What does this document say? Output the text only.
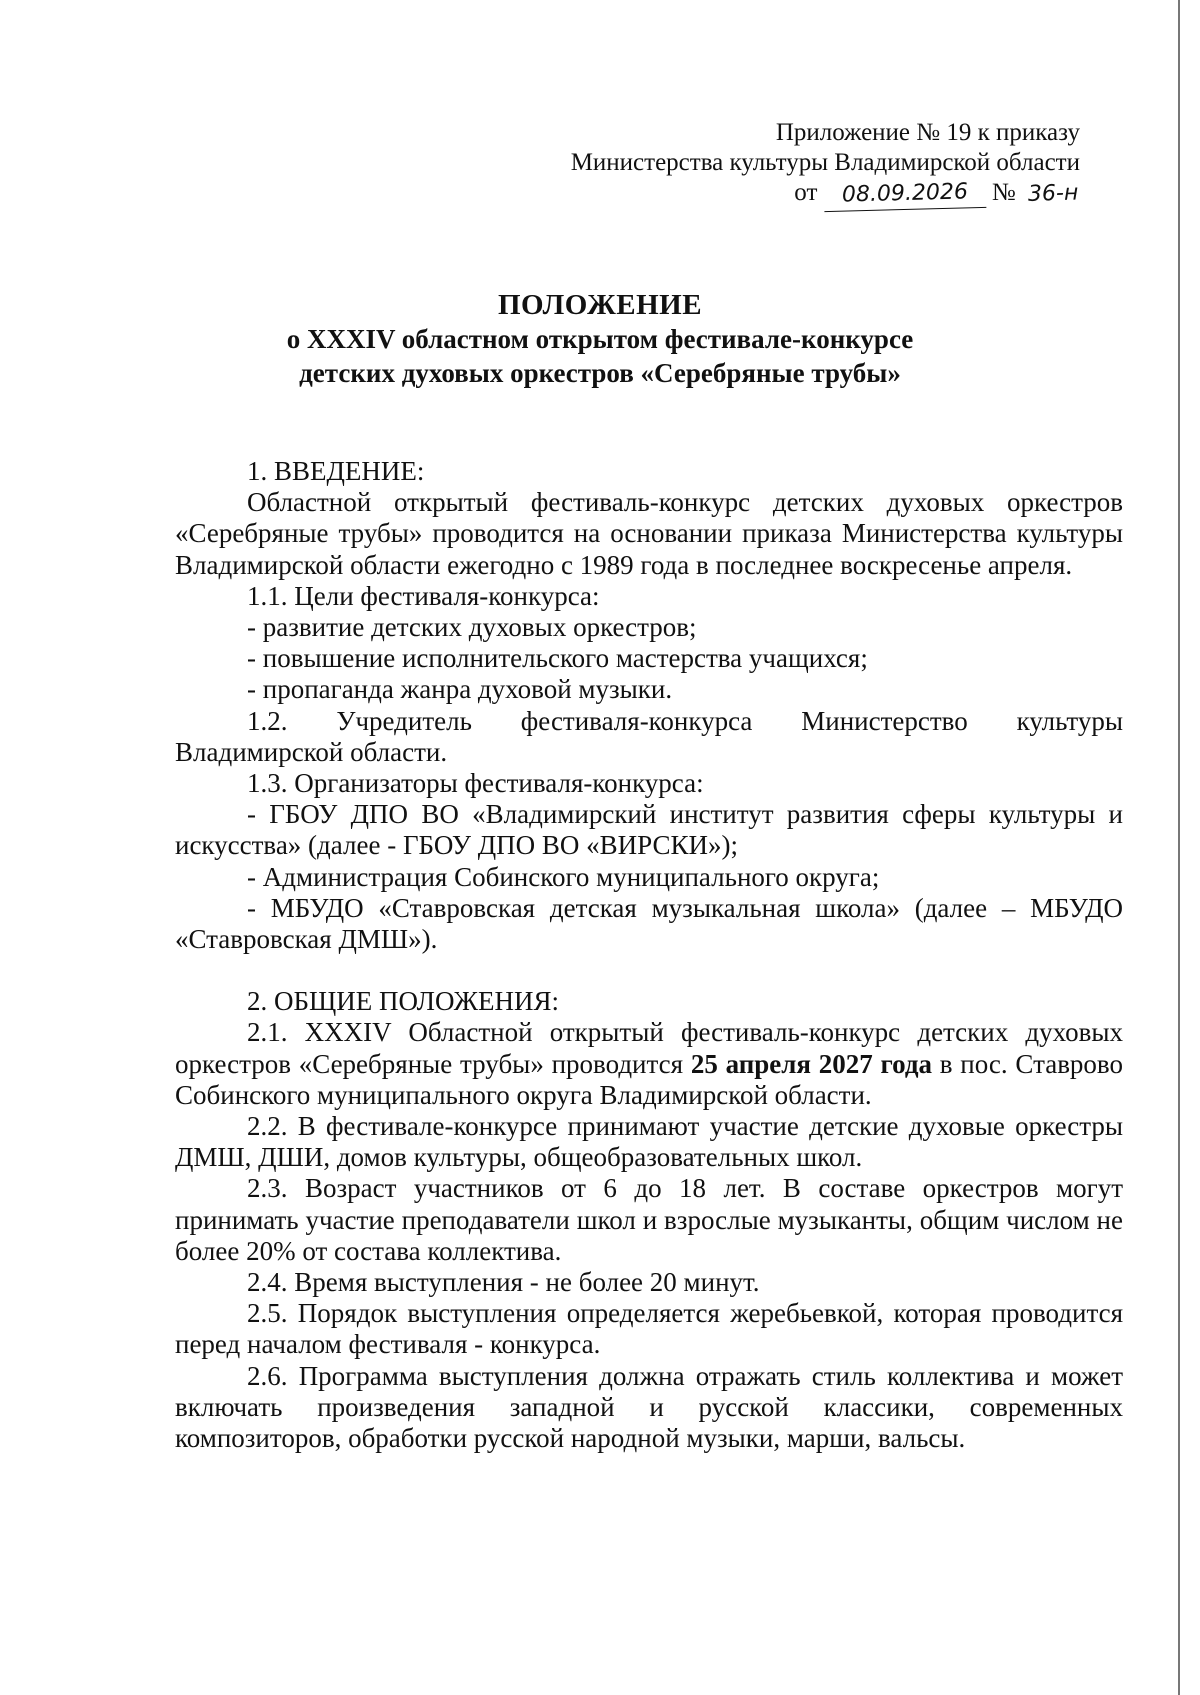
Приложение № 19 к приказу
Министерства культуры Владимирской области
от 08.09.2026 № 36-н
ПОЛОЖЕНИЕ
о XXXIV областном открытом фестивале-конкурсе
детских духовых оркестров «Серебряные трубы»

1. ВВЕДЕНИЕ:

Областной открытый фестиваль-конкурс детских духовых оркестров «Серебряные трубы» проводится на основании приказа Министерства культуры Владимирской области ежегодно с 1989 года в последнее воскресенье апреля.

1.1. Цели фестиваля-конкурса:

- развитие детских духовых оркестров;

- повышение исполнительского мастерства учащихся;

- пропаганда жанра духовой музыки.

1.2. Учредитель фестиваля-конкурса Министерство культуры Владимирской области.

1.3. Организаторы фестиваля-конкурса:

- ГБОУ ДПО ВО «Владимирский институт развития сферы культуры и искусства» (далее - ГБОУ ДПО ВО «ВИРСКИ»);

- Администрация Собинского муниципального округа;

- МБУДО «Ставровская детская музыкальная школа» (далее – МБУДО «Ставровская ДМШ»).

2. ОБЩИЕ ПОЛОЖЕНИЯ:

2.1. XXXIV Областной открытый фестиваль-конкурс детских духовых оркестров «Серебряные трубы» проводится 25 апреля 2027 года в пос. Ставрово Собинского муниципального округа Владимирской области.

2.2. В фестивале-конкурсе принимают участие детские духовые оркестры ДМШ, ДШИ, домов культуры, общеобразовательных школ.

2.3. Возраст участников от 6 до 18 лет. В составе оркестров могут принимать участие преподаватели школ и взрослые музыканты, общим числом не более 20% от состава коллектива.

2.4. Время выступления - не более 20 минут.

2.5. Порядок выступления определяется жеребьевкой, которая проводится перед началом фестиваля - конкурса.

2.6. Программа выступления должна отражать стиль коллектива и может включать произведения западной и русской классики, современных композиторов, обработки русской народной музыки, марши, вальсы.
